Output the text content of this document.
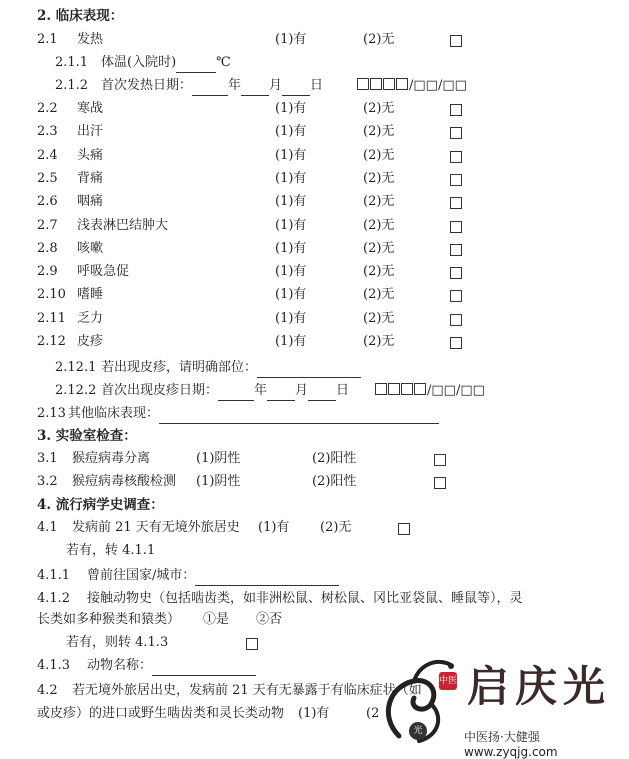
2. 临床表现：
2.1 发热	(1)有	(2)无
2.1.1 体温(入院时)	℃
2.1.2 首次发热日期：	年 月 日	/□□/□□
2.2 寒战	(1)有	(2)无
2.3 出汗	(1)有	(2)无
2.4 头痛	(1)有	(2)无
2.5 背痛	(1)有	(2)无
2.6 咽痛	(1)有	(2)无
2.7 浅表淋巴结肿大	(1)有	(2)无
2.8 咳嗽	(1)有	(2)无
2.9 呼吸急促	(1)有	(2)无
2.10 嗜睡	(1)有	(2)无
2.11 乏力	(1)有	(2)无
2.12 皮疹	(1)有	(2)无
2.12.1 若出现皮疹，请明确部位：
2.12.2 首次出现皮疹日期：	年 月 日	/□□/□□
2.13 其他临床表现：
3. 实验室检查：
3.1 猴痘病毒分离	(1)阴性	(2)阳性
3.2 猴痘病毒核酸检测 (1)阴性	(2)阳性
4. 流行病学史调查：
4.1 发病前 21 天有无境外旅居史 (1)有 (2)无
若有，转 4.1.1
4.1.1 曾前往国家/城市：
4.1.2 接触动物史（包括啮齿类，如非洲松鼠、树松鼠、冈比亚袋鼠、睡鼠等），灵
长类如多种猴类和猿类） ①是 ②否
若有，则转 4.1.3
4.1.3 动物名称：
4.2 若无境外旅居出史，发病前 21 天有无暴露于有临床症状（如
或皮疹）的进口或野生啮齿类和灵长类动物 (1)有	(2
中医
光
启庆光
中医扬·大健强 www.zyqjg.com
